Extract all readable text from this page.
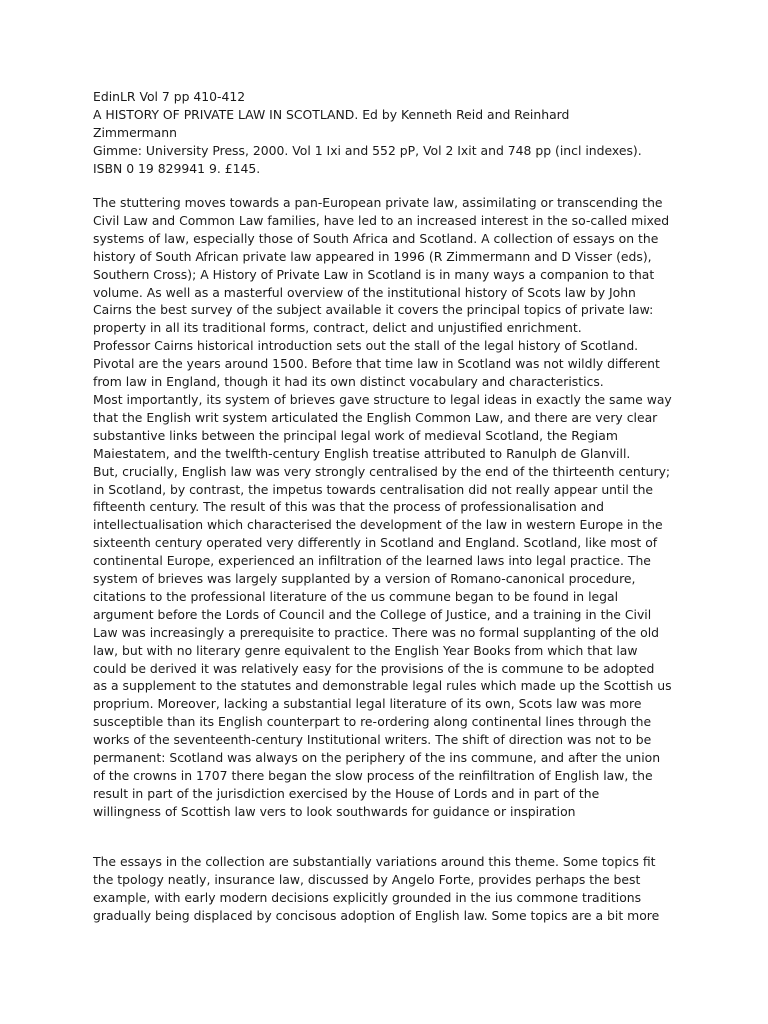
EdinLR Vol 7 pp 410-412
A HISTORY OF PRIVATE LAW IN SCOTLAND. Ed by Kenneth Reid and Reinhard
Zimmermann
Gimme: University Press, 2000. Vol 1 Ixi and 552 pP, Vol 2 Ixit and 748 pp (incl indexes).
ISBN 0 19 829941 9. £145.
The stuttering moves towards a pan-European private law, assimilating or transcending the
Civil Law and Common Law families, have led to an increased interest in the so-called mixed
systems of law, especially those of South Africa and Scotland. A collection of essays on the
history of South African private law appeared in 1996 (R Zimmermann and D Visser (eds),
Southern Cross); A History of Private Law in Scotland is in many ways a companion to that
volume. As well as a masterful overview of the institutional history of Scots law by John
Cairns the best survey of the subject available it covers the principal topics of private law:
property in all its traditional forms, contract, delict and unjustified enrichment.
Professor Cairns historical introduction sets out the stall of the legal history of Scotland.
Pivotal are the years around 1500. Before that time law in Scotland was not wildly different
from law in England, though it had its own distinct vocabulary and characteristics.
Most importantly, its system of brieves gave structure to legal ideas in exactly the same way
that the English writ system articulated the English Common Law, and there are very clear
substantive links between the principal legal work of medieval Scotland, the Regiam
Maiestatem, and the twelfth-century English treatise attributed to Ranulph de Glanvill.
But, crucially, English law was very strongly centralised by the end of the thirteenth century;
in Scotland, by contrast, the impetus towards centralisation did not really appear until the
fifteenth century. The result of this was that the process of professionalisation and
intellectualisation which characterised the development of the law in western Europe in the
sixteenth century operated very differently in Scotland and England. Scotland, like most of
continental Europe, experienced an infiltration of the learned laws into legal practice. The
system of brieves was largely supplanted by a version of Romano-canonical procedure,
citations to the professional literature of the us commune began to be found in legal
argument before the Lords of Council and the College of Justice, and a training in the Civil
Law was increasingly a prerequisite to practice. There was no formal supplanting of the old
law, but with no literary genre equivalent to the English Year Books from which that law
could be derived it was relatively easy for the provisions of the is commune to be adopted
as a supplement to the statutes and demonstrable legal rules which made up the Scottish us
proprium. Moreover, lacking a substantial legal literature of its own, Scots law was more
susceptible than its English counterpart to re-ordering along continental lines through the
works of the seventeenth-century Institutional writers. The shift of direction was not to be
permanent: Scotland was always on the periphery of the ins commune, and after the union
of the crowns in 1707 there began the slow process of the reinfiltration of English law, the
result in part of the jurisdiction exercised by the House of Lords and in part of the
willingness of Scottish law vers to look southwards for guidance or inspiration
The essays in the collection are substantially variations around this theme. Some topics fit
the tpology neatly, insurance law, discussed by Angelo Forte, provides perhaps the best
example, with early modern decisions explicitly grounded in the ius commone traditions
gradually being displaced by concisous adoption of English law. Some topics are a bit more
